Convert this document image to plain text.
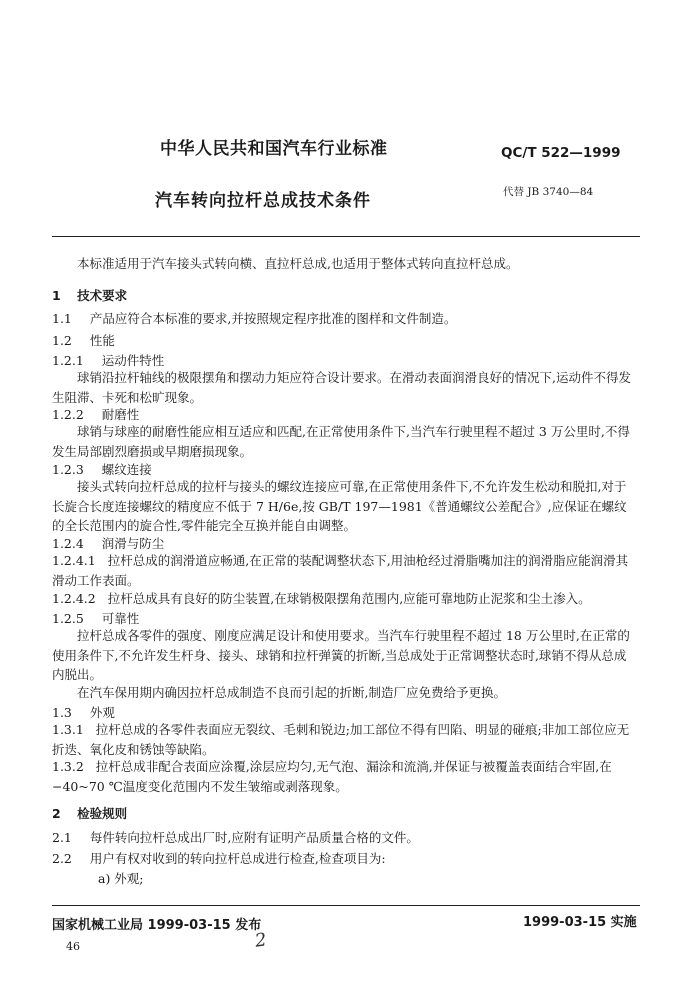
中华人民共和国汽车行业标准	QC/T 522—1999
汽车转向拉杆总成技术条件	代替 JB 3740—84
本标准适用于汽车接头式转向横、直拉杆总成,也适用于整体式转向直拉杆总成。
1 技术要求
1.1 产品应符合本标准的要求,并按照规定程序批准的图样和文件制造。
1.2 性能
1.2.1 运动件特性
球销沿拉杆轴线的极限摆角和摆动力矩应符合设计要求。在滑动表面润滑良好的情况下,运动件不得发生阻滞、卡死和松旷现象。
1.2.2 耐磨性
球销与球座的耐磨性能应相互适应和匹配,在正常使用条件下,当汽车行驶里程不超过 3 万公里时,不得发生局部剧烈磨损或早期磨损现象。
1.2.3 螺纹连接
接头式转向拉杆总成的拉杆与接头的螺纹连接应可靠,在正常使用条件下,不允许发生松动和脱扣,对于长旋合长度连接螺纹的精度应不低于 7 H/6e,按 GB/T 197—1981《普通螺纹公差配合》,应保证在螺纹的全长范围内的旋合性,零件能完全互换并能自由调整。
1.2.4 润滑与防尘
1.2.4.1 拉杆总成的润滑道应畅通,在正常的装配调整状态下,用油枪经过滑脂嘴加注的润滑脂应能润滑其滑动工作表面。
1.2.4.2 拉杆总成具有良好的防尘装置,在球销极限摆角范围内,应能可靠地防止泥浆和尘土渗入。
1.2.5 可靠性
拉杆总成各零件的强度、刚度应满足设计和使用要求。当汽车行驶里程不超过 18 万公里时,在正常的使用条件下,不允许发生杆身、接头、球销和拉杆弹簧的折断,当总成处于正常调整状态时,球销不得从总成内脱出。
在汽车保用期内确因拉杆总成制造不良而引起的折断,制造厂应免费给予更换。
1.3 外观
1.3.1 拉杆总成的各零件表面应无裂纹、毛刺和锐边;加工部位不得有凹陷、明显的碰痕;非加工部位应无折迭、氧化皮和锈蚀等缺陷。
1.3.2 拉杆总成非配合表面应涂覆,涂层应均匀,无气泡、漏涂和流淌,并保证与被覆盖表面结合牢固,在 −40~70 ℃温度变化范围内不发生皱缩或剥落现象。
2 检验规则
2.1 每件转向拉杆总成出厂时,应附有证明产品质量合格的文件。
2.2 用户有权对收到的转向拉杆总成进行检查,检查项目为:
a) 外观;
国家机械工业局 1999-03-15 发布	1999-03-15 实施
46	2
